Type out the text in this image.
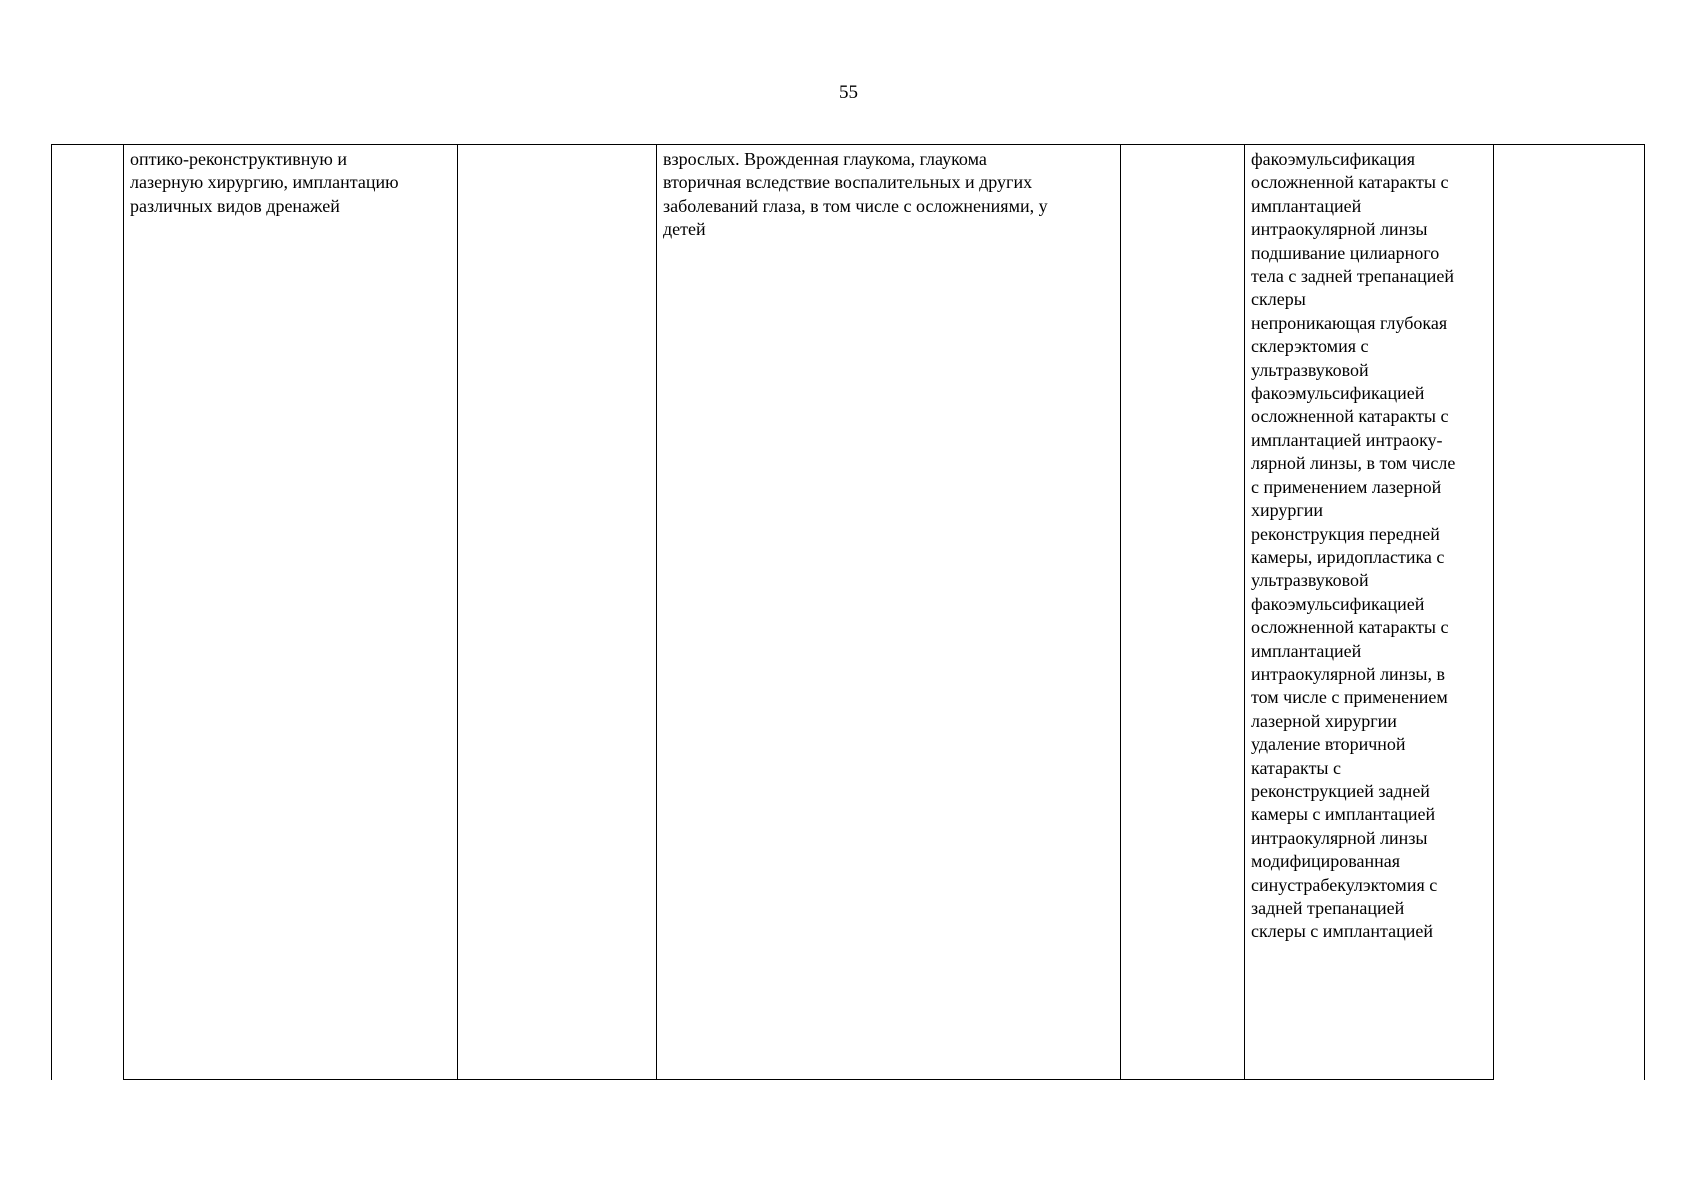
55
оптико-реконструктивную и
лазерную хирургию, имплантацию
различных видов дренажей
взрослых. Врожденная глаукома, глаукома
вторичная вследствие воспалительных и других
заболеваний глаза, в том числе с осложнениями, у
детей
факоэмульсификация
осложненной катаракты с
имплантацией
интраокулярной линзы
подшивание цилиарного
тела с задней трепанацией
склеры
непроникающая глубокая
склерэктомия с
ультразвуковой
факоэмульсификацией
осложненной катаракты с
имплантацией интраоку-
лярной линзы, в том числе
с применением лазерной
хирургии
реконструкция передней
камеры, иридопластика с
ультразвуковой
факоэмульсификацией
осложненной катаракты с
имплантацией
интраокулярной линзы, в
том числе с применением
лазерной хирургии
удаление вторичной
катаракты с
реконструкцией задней
камеры с имплантацией
интраокулярной линзы
модифицированная
синустрабекулэктомия с
задней трепанацией
склеры с имплантацией
